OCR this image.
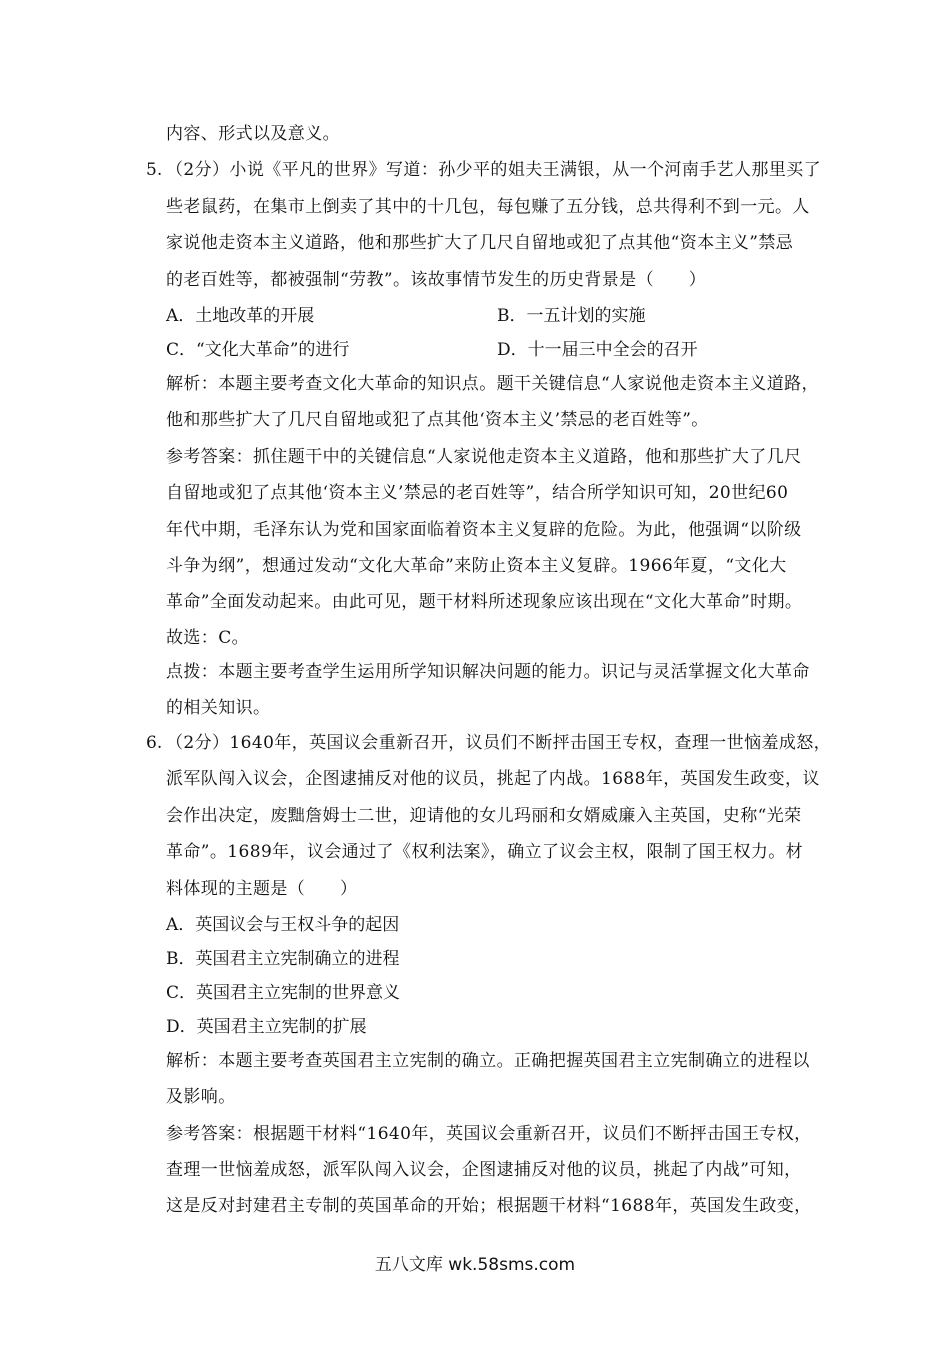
内容、形式以及意义。
5. （2分）小说《平凡的世界》写道：孙少平的姐夫王满银，从一个河南手艺人那里买了
些老鼠药，在集市上倒卖了其中的十几包，每包赚了五分钱，总共得利不到一元。人
家说他走资本主义道路，他和那些扩大了几尺自留地或犯了点其他“资本主义”禁忌
的老百姓等，都被强制“劳教”。该故事情节发生的历史背景是（　　）
A．土地改革的开展	B．一五计划的实施
C．“文化大革命”的进行	D．十一届三中全会的召开
解析：本题主要考查文化大革命的知识点。题干关键信息“人家说他走资本主义道路，
他和那些扩大了几尺自留地或犯了点其他‘资本主义’禁忌的老百姓等”。
参考答案：抓住题干中的关键信息“人家说他走资本主义道路，他和那些扩大了几尺
自留地或犯了点其他‘资本主义’禁忌的老百姓等”，结合所学知识可知，20世纪60
年代中期，毛泽东认为党和国家面临着资本主义复辟的危险。为此，他强调“以阶级
斗争为纲”，想通过发动“文化大革命”来防止资本主义复辟。1966年夏，“文化大
革命”全面发动起来。由此可见，题干材料所述现象应该出现在“文化大革命”时期。
故选：C。
点拨：本题主要考查学生运用所学知识解决问题的能力。识记与灵活掌握文化大革命
的相关知识。
6. （2分）1640年，英国议会重新召开，议员们不断抨击国王专权，查理一世恼羞成怒，
派军队闯入议会，企图逮捕反对他的议员，挑起了内战。1688年，英国发生政变，议
会作出决定，废黜詹姆士二世，迎请他的女儿玛丽和女婿威廉入主英国，史称“光荣
革命”。1689年，议会通过了《权利法案》，确立了议会主权，限制了国王权力。材
料体现的主题是（　　）
A．英国议会与王权斗争的起因
B．英国君主立宪制确立的进程
C．英国君主立宪制的世界意义
D．英国君主立宪制的扩展
解析：本题主要考查英国君主立宪制的确立。正确把握英国君主立宪制确立的进程以
及影响。
参考答案：根据题干材料“1640年，英国议会重新召开，议员们不断抨击国王专权，
查理一世恼羞成怒，派军队闯入议会，企图逮捕反对他的议员，挑起了内战”可知，
这是反对封建君主专制的英国革命的开始；根据题干材料“1688年，英国发生政变，
五八文库 wk.58sms.com
